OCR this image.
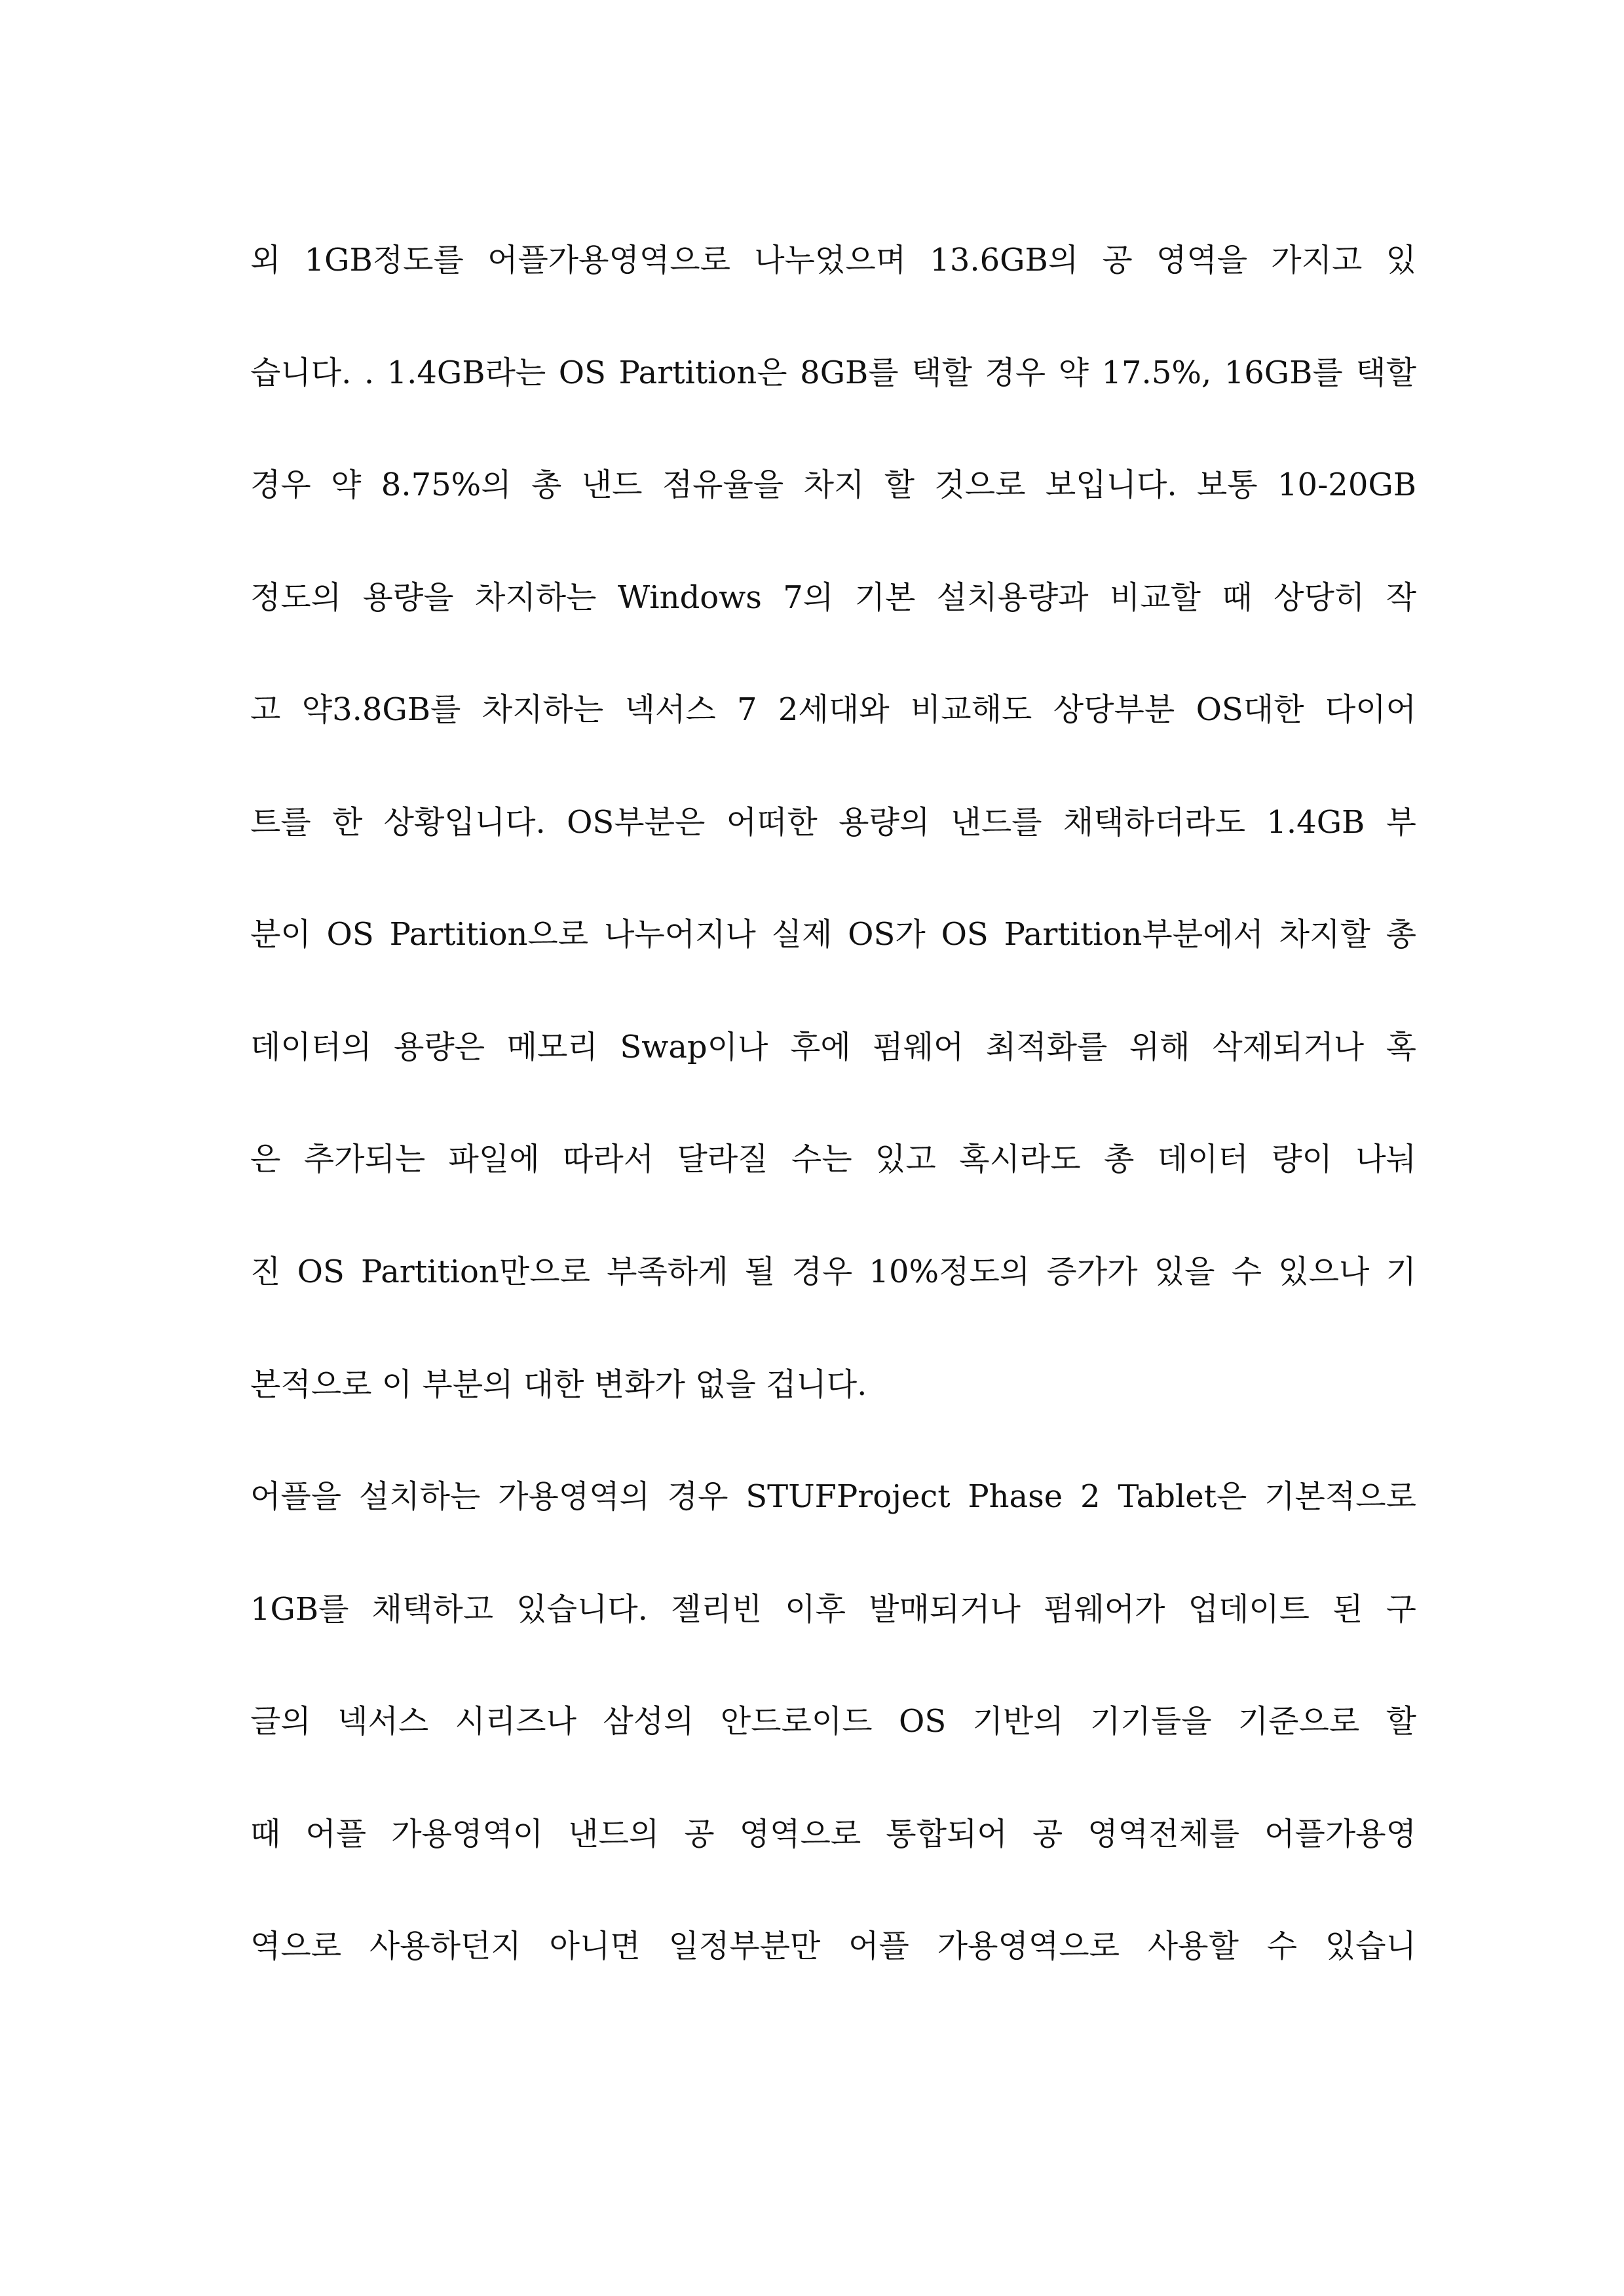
외 1GB정도를 어플가용영역으로 나누었으며 13.6GB의 공 영역을 가지고 있
습니다. . 1.4GB라는 OS Partition은 8GB를 택할 경우 약 17.5%, 16GB를 택할
경우 약 8.75%의 총 낸드 점유율을 차지 할 것으로 보입니다. 보통 10-20GB
정도의 용량을 차지하는 Windows 7의 기본 설치용량과 비교할 때 상당히 작
고 약3.8GB를 차지하는 넥서스 7 2세대와 비교해도 상당부분 OS대한 다이어
트를 한 상황입니다. OS부분은 어떠한 용량의 낸드를 채택하더라도 1.4GB 부
분이 OS Partition으로 나누어지나 실제 OS가 OS Partition부분에서 차지할 총
데이터의 용량은 메모리 Swap이나 후에 펌웨어 최적화를 위해 삭제되거나 혹
은 추가되는 파일에 따라서 달라질 수는 있고 혹시라도 총 데이터 량이 나눠
진 OS Partition만으로 부족하게 될 경우 10%정도의 증가가 있을 수 있으나 기
본적으로 이 부분의 대한 변화가 없을 겁니다.
어플을 설치하는 가용영역의 경우 STUFProject Phase 2 Tablet은 기본적으로
1GB를 채택하고 있습니다. 젤리빈 이후 발매되거나 펌웨어가 업데이트 된 구
글의 넥서스 시리즈나 삼성의 안드로이드 OS 기반의 기기들을 기준으로 할
때 어플 가용영역이 낸드의 공 영역으로 통합되어 공 영역전체를 어플가용영
역으로 사용하던지 아니면 일정부분만 어플 가용영역으로 사용할 수 있습니
